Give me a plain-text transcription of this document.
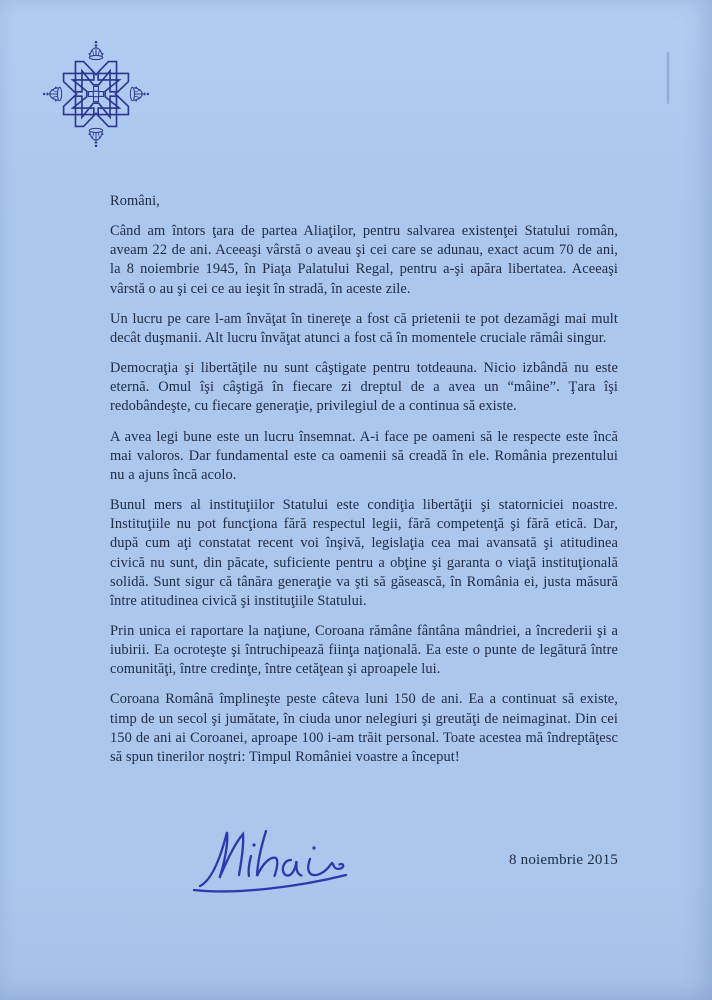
Români,

Când am întors ţara de partea Aliaţilor, pentru salvarea existenţei Statului român, aveam 22 de ani. Aceeaşi vârstă o aveau şi cei care se adunau, exact acum 70 de ani, la 8 noiembrie 1945, în Piaţa Palatului Regal, pentru a-şi apăra libertatea. Aceeaşi vârstă o au şi cei ce au ieşit în stradă, în aceste zile.

Un lucru pe care l-am învăţat în tinereţe a fost că prietenii te pot dezamăgi mai mult decât duşmanii. Alt lucru învăţat atunci a fost că în momentele cruciale rămâi singur.

Democraţia şi libertăţile nu sunt câştigate pentru totdeauna. Nicio izbândă nu este eternă. Omul îşi câştigă în fiecare zi dreptul de a avea un “mâine”. Ţara îşi redobândeşte, cu fiecare generaţie, privilegiul de a continua să existe.

A avea legi bune este un lucru însemnat. A-i face pe oameni să le respecte este încă mai valoros. Dar fundamental este ca oamenii să creadă în ele. România prezentului nu a ajuns încă acolo.

Bunul mers al instituţiilor Statului este condiţia libertăţii şi statorniciei noastre. Instituţiile nu pot funcţiona fără respectul legii, fără competenţă şi fără etică. Dar, după cum aţi constatat recent voi înşivă, legislaţia cea mai avansată şi atitudinea civică nu sunt, din păcate, suficiente pentru a obţine şi garanta o viaţă instituţională solidă. Sunt sigur că tânăra generaţie va şti să găsească, în România ei, justa măsură între atitudinea civică şi instituţiile Statului.

Prin unica ei raportare la naţiune, Coroana rămâne fântâna mândriei, a încrederii şi a iubirii. Ea ocroteşte şi întruchipează fiinţa naţională. Ea este o punte de legătură între comunităţi, între credinţe, între cetăţean şi aproapele lui.

Coroana Română împlineşte peste câteva luni 150 de ani. Ea a continuat să existe, timp de un secol şi jumătate, în ciuda unor nelegiuri şi greutăţi de neimaginat. Din cei 150 de ani ai Coroanei, aproape 100 i-am trăit personal. Toate acestea mă îndreptăţesc să spun tinerilor noştri: Timpul României voastre a început!

8 noiembrie 2015
